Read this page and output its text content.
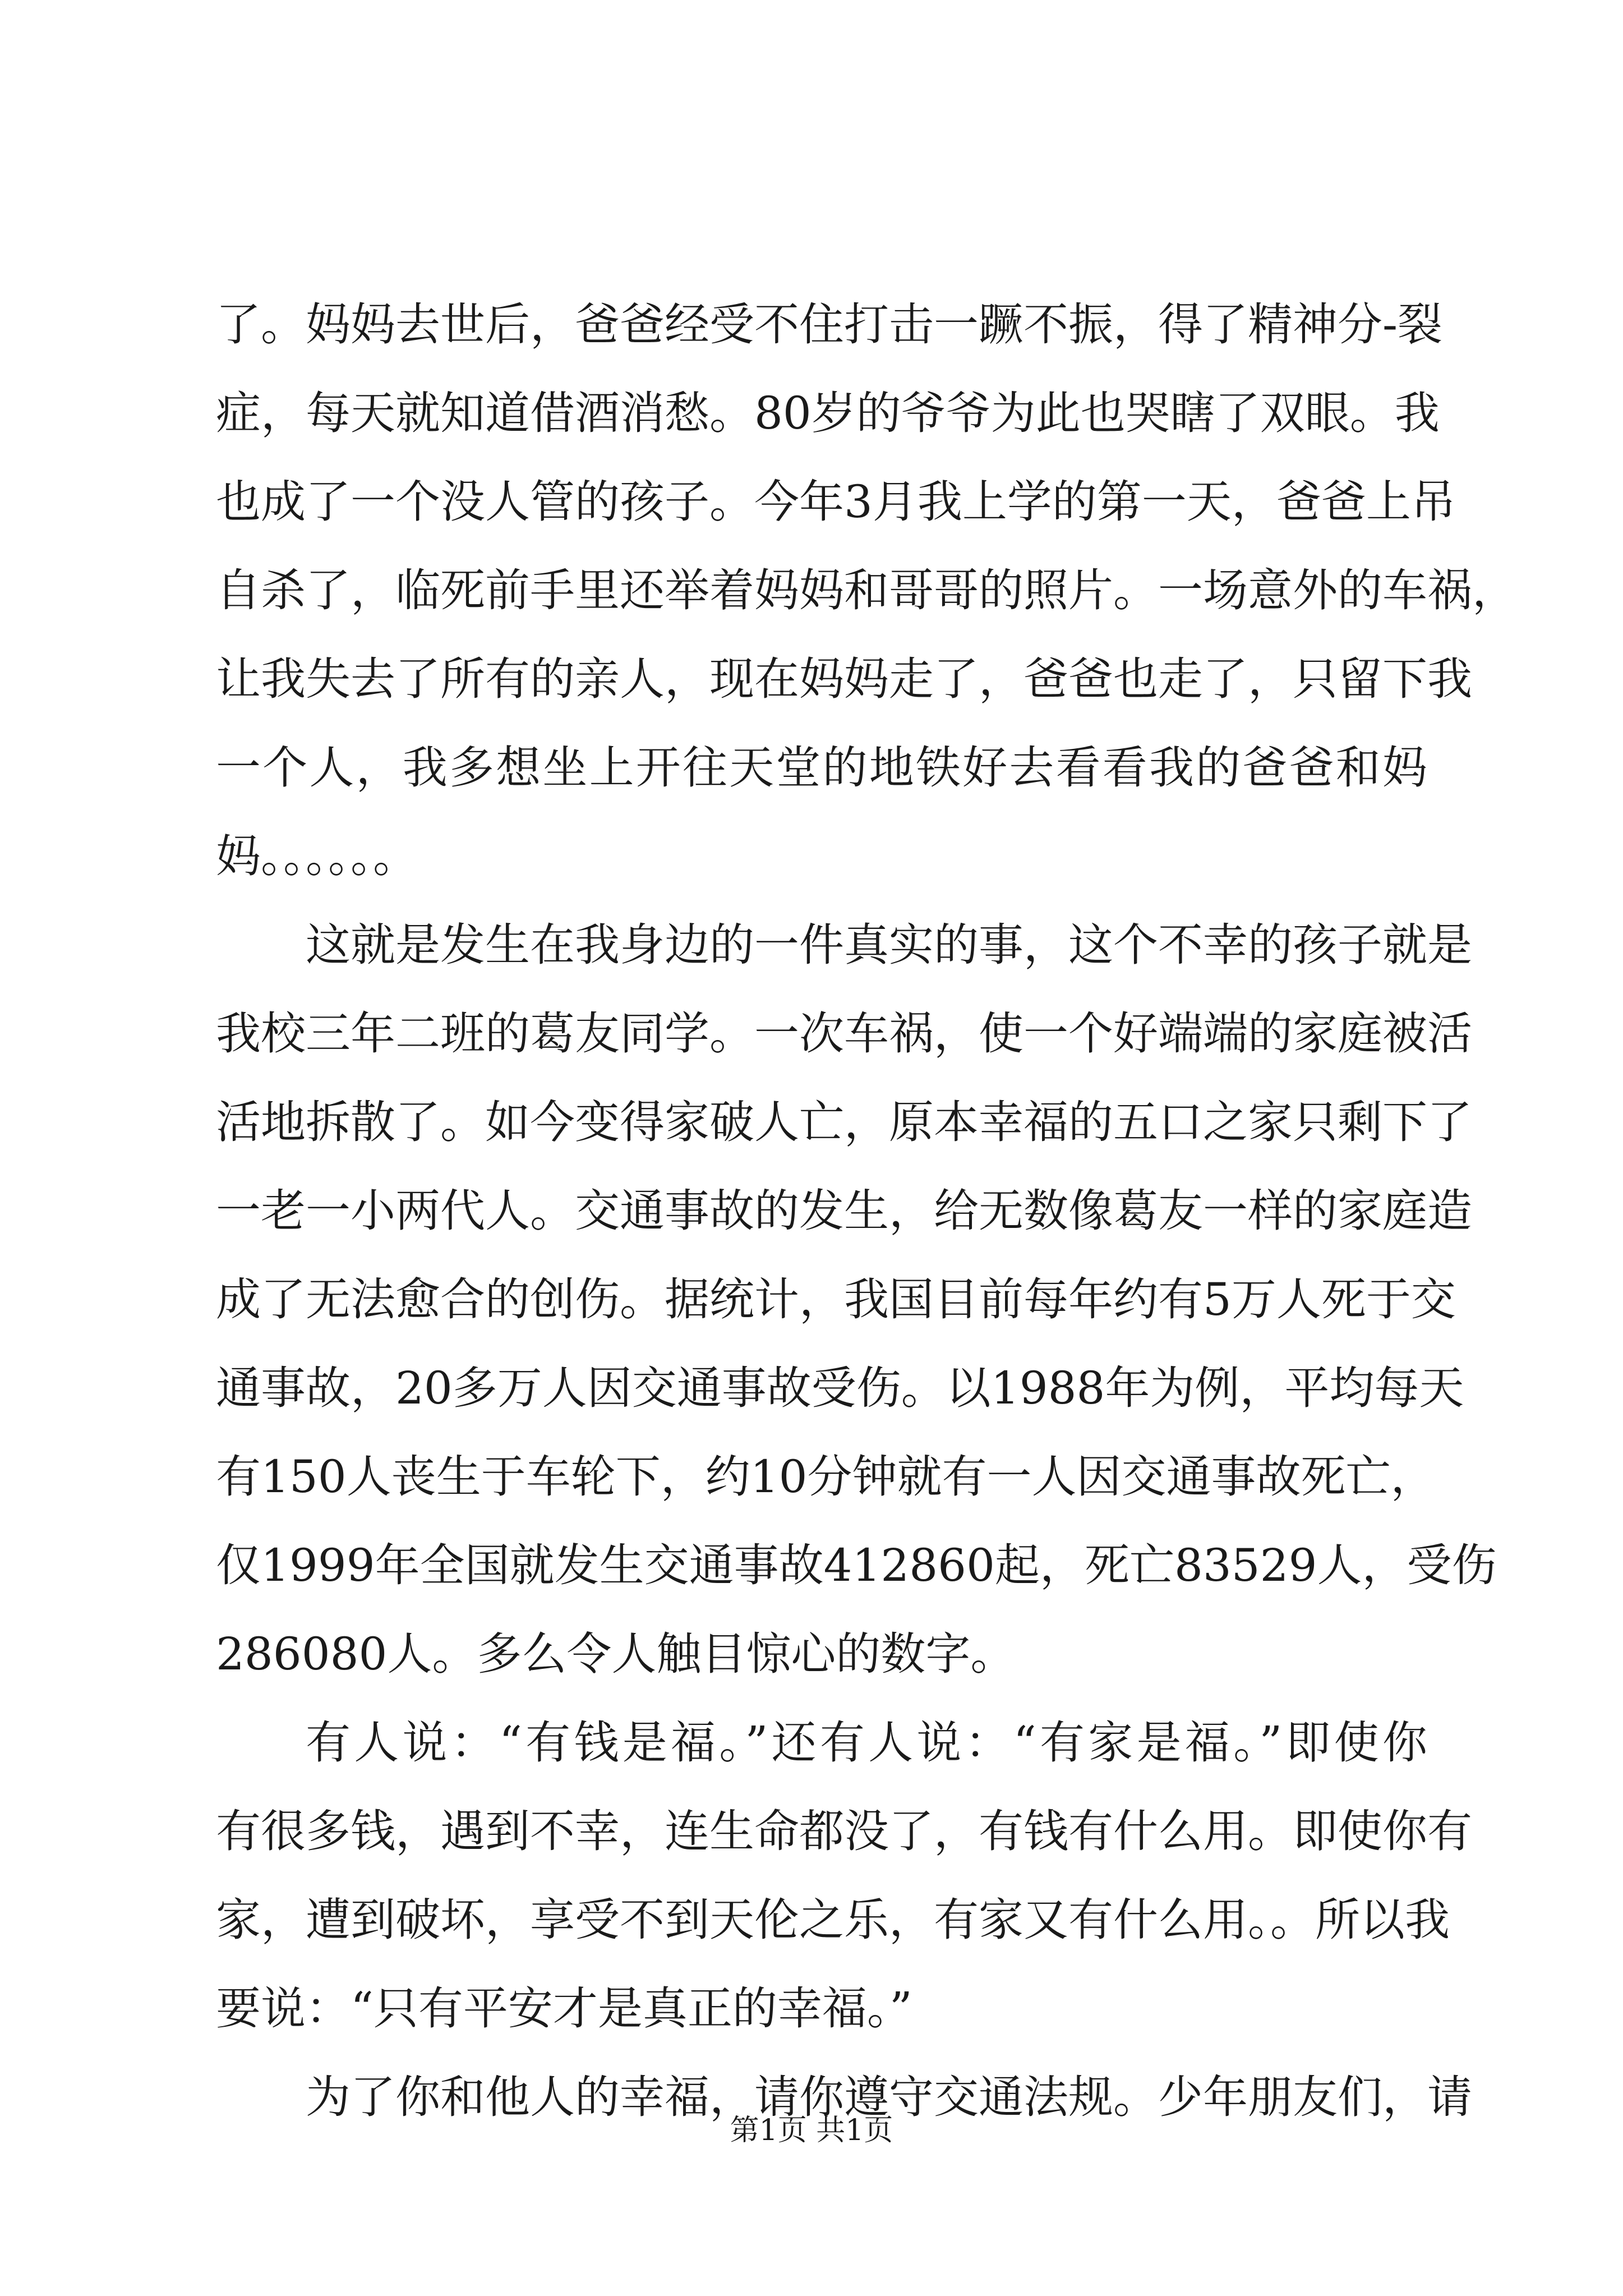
了。妈妈去世后，爸爸经受不住打击一蹶不振，得了精神分-裂
症，每天就知道借酒消愁。80岁的爷爷为此也哭瞎了双眼。我
也成了一个没人管的孩子。今年3月我上学的第一天，爸爸上吊
自杀了，临死前手里还举着妈妈和哥哥的照片。一场意外的车祸，
让我失去了所有的亲人，现在妈妈走了，爸爸也走了，只留下我
一个人，我多想坐上开往天堂的地铁好去看看我的爸爸和妈
妈。。。。。。
这就是发生在我身边的一件真实的事，这个不幸的孩子就是
我校三年二班的葛友同学。一次车祸，使一个好端端的家庭被活
活地拆散了。如今变得家破人亡，原本幸福的五口之家只剩下了
一老一小两代人。交通事故的发生，给无数像葛友一样的家庭造
成了无法愈合的创伤。据统计，我国目前每年约有5万人死于交
通事故，20多万人因交通事故受伤。以1988年为例，平均每天
有150人丧生于车轮下，约10分钟就有一人因交通事故死亡，
仅1999年全国就发生交通事故412860起，死亡83529人，受伤
286080人。多么令人触目惊心的数字。
有人说：“有钱是福。”还有人说：“有家是福。”即使你
有很多钱，遇到不幸，连生命都没了，有钱有什么用。即使你有
家，遭到破坏，享受不到天伦之乐，有家又有什么用。。所以我
要说：“只有平安才是真正的幸福。”
为了你和他人的幸福，请你遵守交通法规。少年朋友们，请
第1页 共1页
